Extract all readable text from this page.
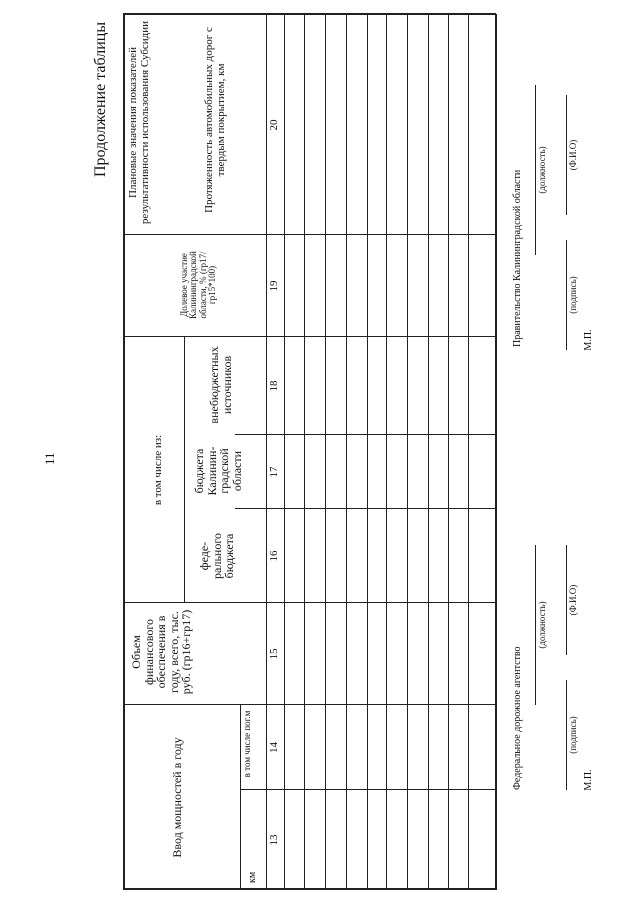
11
Продолжение таблицы
Ввод мощностей в году
км
в том числе пог.м
Объем финансового обеспечения в году, всего, тыс. руб. (гр16+гр17)
в том числе из:
феде-рального бюджета
бюджета Калинин-градской области
внебюджетных источников
Долевое участие Калининградской области, % (гр17/гр15*100)
Плановые значения показателей результативности использования Субсидии	Протяженность автомобильных дорог с твердым покрытием, км
13
14
15
16
17
18
19
20
Федеральное дорожное агентство
(должность)
(подпись)
(Ф.И.О)
М.П.
Правительство Калининградской области (должность)
(подпись)
(Ф.И.О)
М.П.
